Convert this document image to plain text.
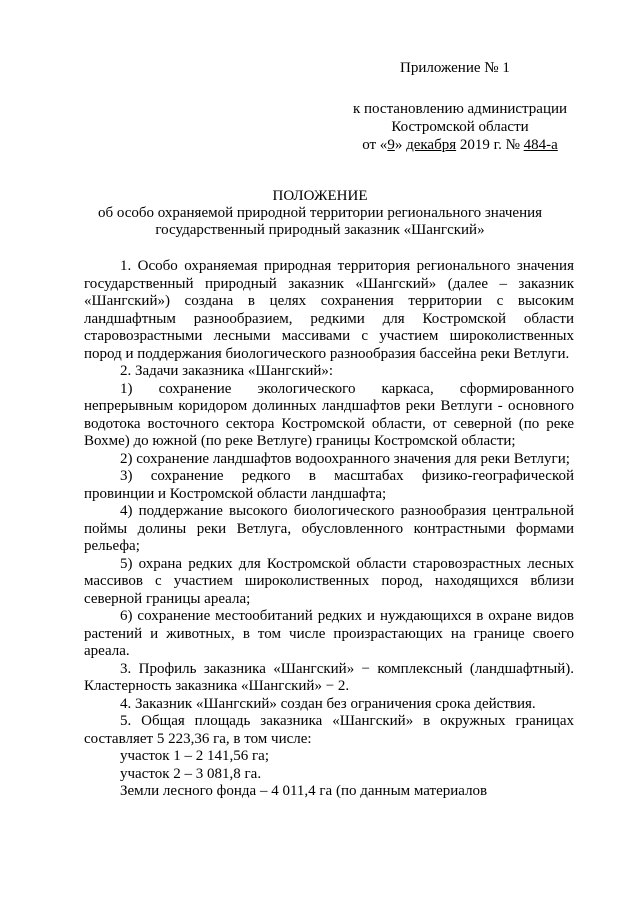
Приложение № 1
к постановлению администрации
Костромской области
от «9» декабря 2019 г. № 484-а
ПОЛОЖЕНИЕ
об особо охраняемой природной территории регионального значения
государственный природный заказник «Шангский»

1. Особо охраняемая природная территория регионального значения государственный природный заказник «Шангский» (далее – заказник «Шангский») создана в целях сохранения территории с высоким ландшафтным разнообразием, редкими для Костромской области старовозрастными лесными массивами с участием широколиственных пород и поддержания биологического разнообразия бассейна реки Ветлуги.

2. Задачи заказника «Шангский»:

1) сохранение экологического каркаса, сформированного непрерывным коридором долинных ландшафтов реки Ветлуги - основного водотока восточного сектора Костромской области, от северной (по реке Вохме) до южной (по реке Ветлуге) границы Костромской области;

2) сохранение ландшафтов водоохранного значения для реки Ветлуги;

3) сохранение редкого в масштабах физико-географической провинции и Костромской области ландшафта;

4) поддержание высокого биологического разнообразия центральной поймы долины реки Ветлуга, обусловленного контрастными формами рельефа;

5) охрана редких для Костромской области старовозрастных лесных массивов с участием широколиственных пород, находящихся вблизи северной границы ареала;

6) сохранение местообитаний редких и нуждающихся в охране видов растений и животных, в том числе произрастающих на границе своего ареала.

3. Профиль заказника «Шангский» − комплексный (ландшафтный). Кластерность заказника «Шангский» − 2.

4. Заказник «Шангский» создан без ограничения срока действия.

5. Общая площадь заказника «Шангский» в окружных границах составляет 5 223,36 га, в том числе:

участок 1 – 2 141,56 га;

участок 2 – 3 081,8 га.

Земли лесного фонда – 4 011,4 га (по данным материалов
